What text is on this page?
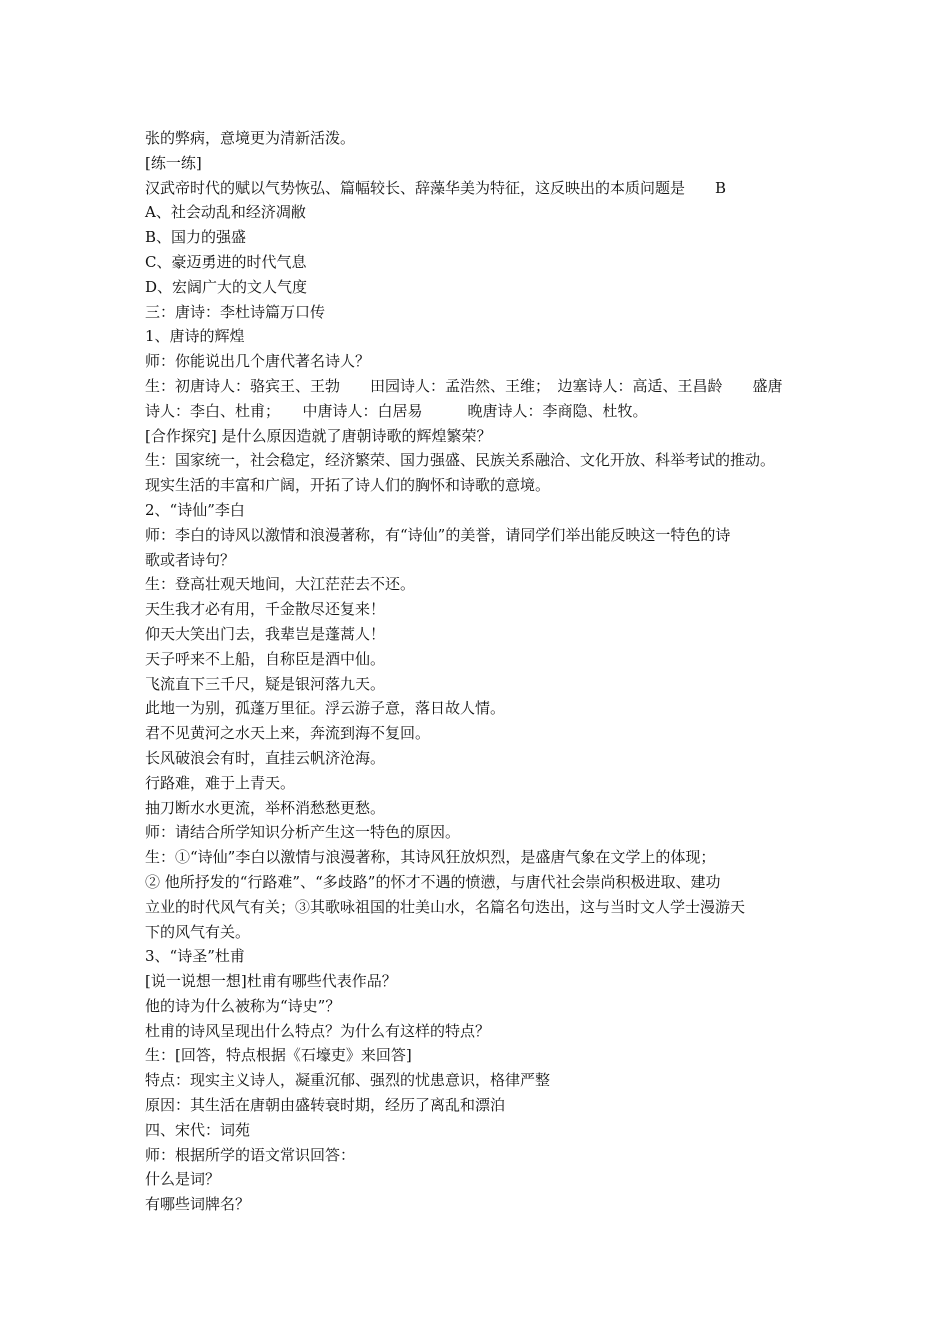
张的弊病，意境更为清新活泼。
[练一练]
汉武帝时代的赋以气势恢弘、篇幅较长、辞藻华美为特征，这反映出的本质问题是　　B
A、社会动乱和经济凋敝
B、国力的强盛
C、豪迈勇进的时代气息
D、宏阔广大的文人气度
三：唐诗：李杜诗篇万口传
1、唐诗的辉煌
师：你能说出几个唐代著名诗人？
生：初唐诗人：骆宾王、王勃　　田园诗人：孟浩然、王维；　边塞诗人：高适、王昌龄　　盛唐
诗人：李白、杜甫；　　中唐诗人：白居易　　　晚唐诗人：李商隐、杜牧。
[合作探究] 是什么原因造就了唐朝诗歌的辉煌繁荣？
生：国家统一，社会稳定，经济繁荣、国力强盛、民族关系融洽、文化开放、科举考试的推动。
现实生活的丰富和广阔，开拓了诗人们的胸怀和诗歌的意境。
2、“诗仙”李白
师：李白的诗风以激情和浪漫著称，有“诗仙”的美誉，请同学们举出能反映这一特色的诗
歌或者诗句？
生：登高壮观天地间，大江茫茫去不还。
天生我才必有用，千金散尽还复来！
仰天大笑出门去，我辈岂是蓬蒿人！
天子呼来不上船，自称臣是酒中仙。
飞流直下三千尺，疑是银河落九天。
此地一为别，孤蓬万里征。浮云游子意，落日故人情。
君不见黄河之水天上来，奔流到海不复回。
长风破浪会有时，直挂云帆济沧海。
行路难，难于上青天。
抽刀断水水更流，举杯消愁愁更愁。
师：请结合所学知识分析产生这一特色的原因。
生：①“诗仙”李白以激情与浪漫著称，其诗风狂放炽烈，是盛唐气象在文学上的体现；
② 他所抒发的“行路难”、“多歧路”的怀才不遇的愤懑，与唐代社会崇尚积极进取、建功
立业的时代风气有关；③其歌咏祖国的壮美山水，名篇名句迭出，这与当时文人学士漫游天
下的风气有关。
3、“诗圣”杜甫
[说一说想一想]杜甫有哪些代表作品？
他的诗为什么被称为“诗史”？
杜甫的诗风呈现出什么特点？为什么有这样的特点？
生：[回答，特点根据《石壕吏》来回答]
特点：现实主义诗人，凝重沉郁、强烈的忧患意识，格律严整
原因：其生活在唐朝由盛转衰时期，经历了离乱和漂泊
四、宋代：词苑
师：根据所学的语文常识回答：
什么是词？
有哪些词牌名？
